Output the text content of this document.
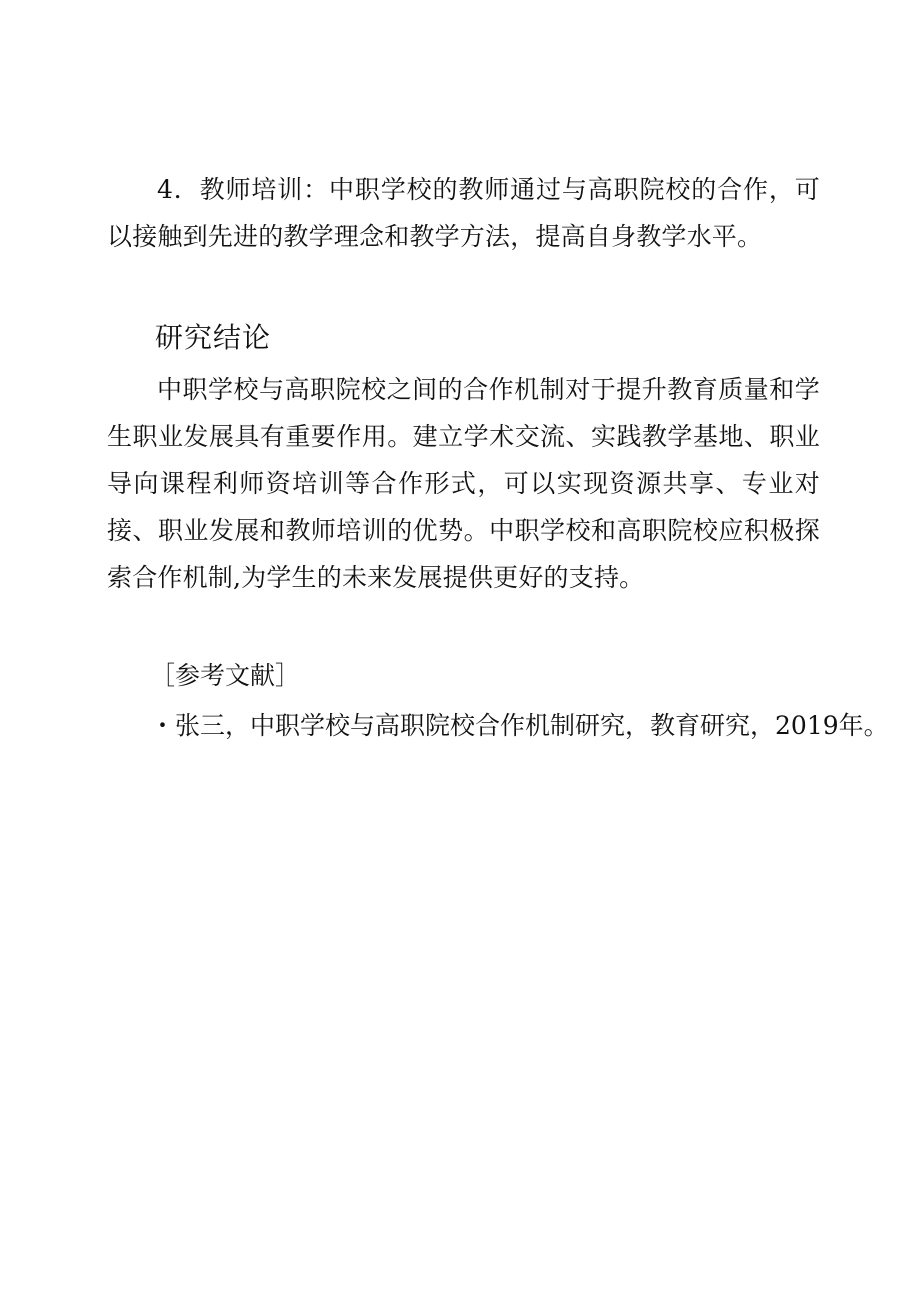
4．教师培训：中职学校的教师通过与高职院校的合作，可以接触到先进的教学理念和教学方法，提高自身教学水平。

研究结论

中职学校与高职院校之间的合作机制对于提升教育质量和学生职业发展具有重要作用。建立学术交流、实践教学基地、职业导向课程利师资培训等合作形式，可以实现资源共享、专业对接、职业发展和教师培训的优势。中职学校和高职院校应积极探索合作机制,为学生的未来发展提供更好的支持。

［参考文献］
・张三，中职学校与高职院校合作机制研究，教育研究，2019年。
